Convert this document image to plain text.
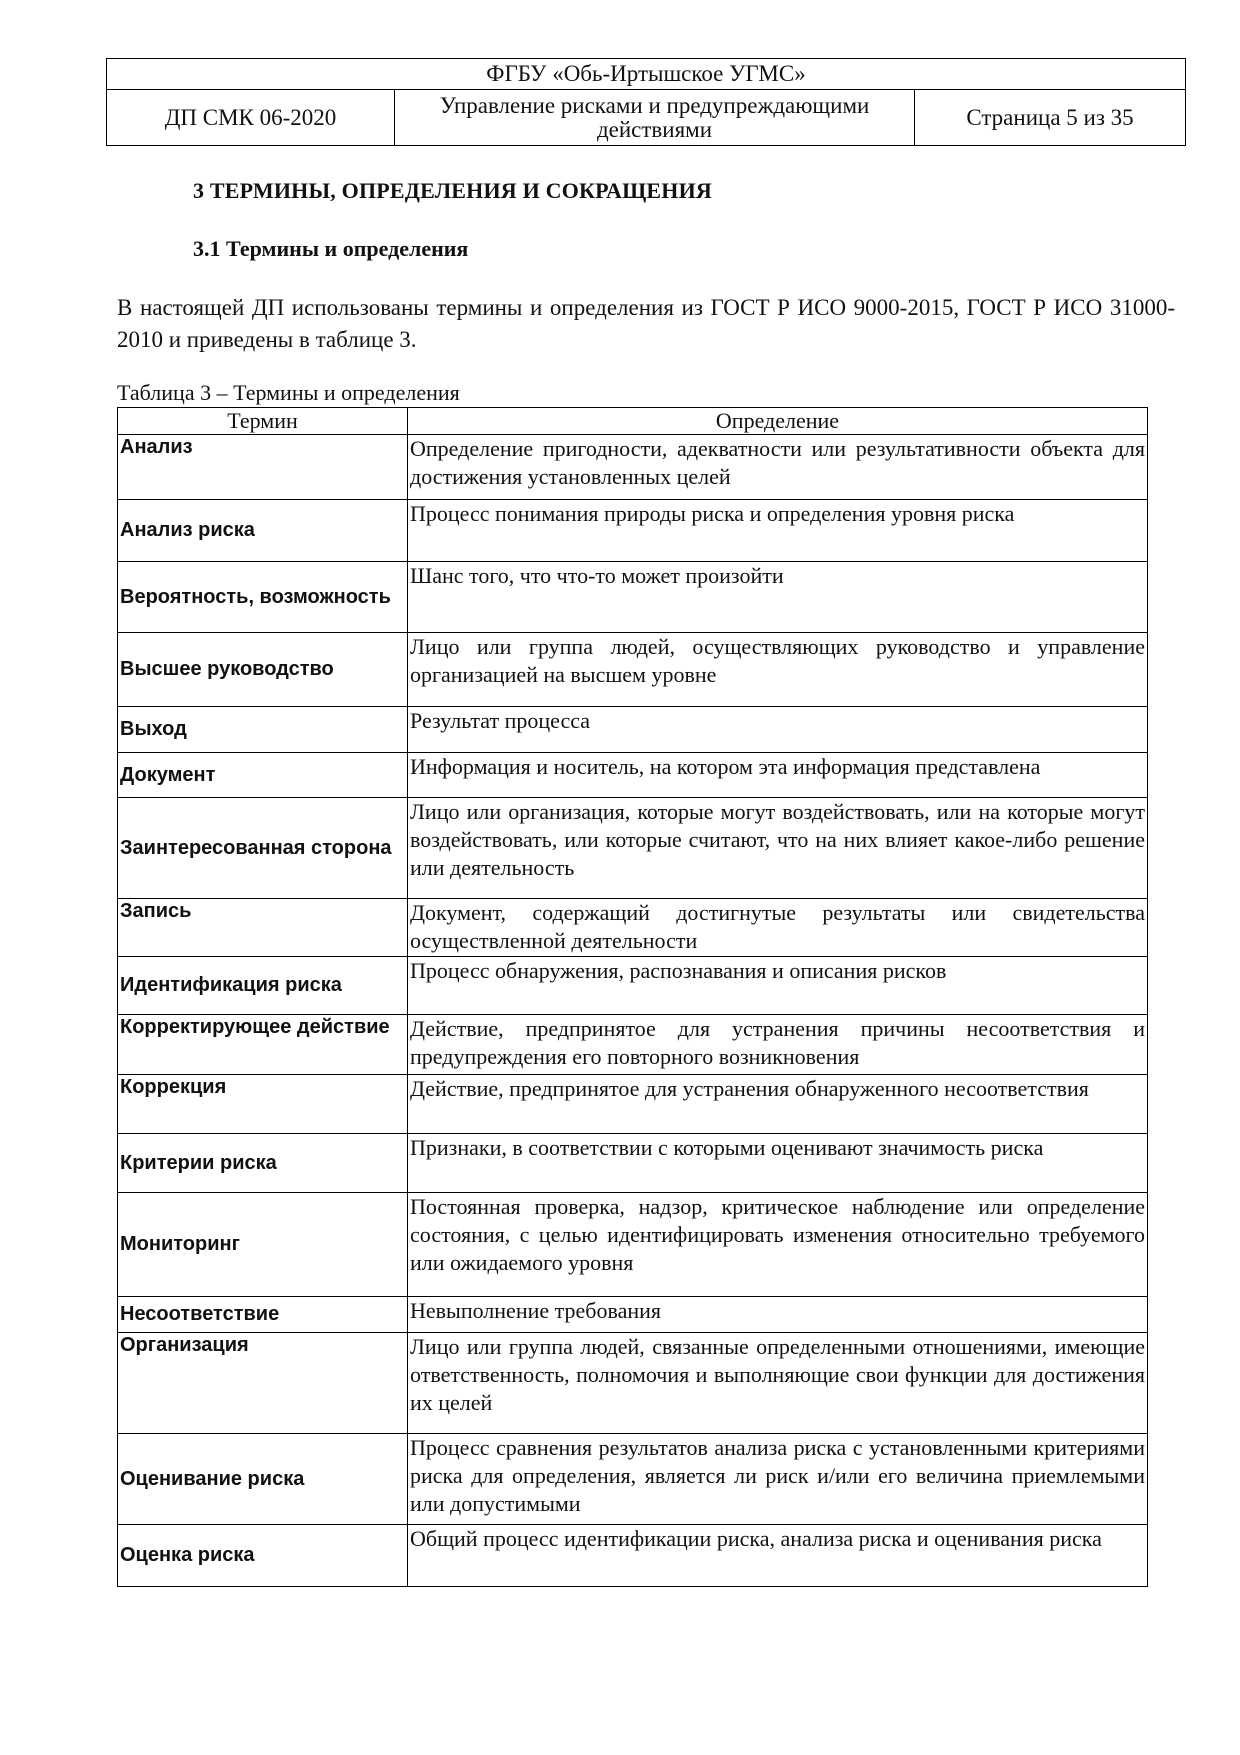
ФГБУ «Обь-Иртышское УГМС»
ДП СМК 06-2020	Управление рисками и предупреждающими действиями	Страница 5 из 35
3 ТЕРМИНЫ, ОПРЕДЕЛЕНИЯ И СОКРАЩЕНИЯ
3.1 Термины и определения
В настоящей ДП использованы термины и определения из ГОСТ Р ИСО 9000-2015, ГОСТ Р ИСО 31000-2010 и приведены в таблице 3.
Таблица 3 – Термины и определения
Термин	Определение
Анализ	Определение пригодности, адекватности или результативности объекта для достижения установленных целей
Анализ риска	Процесс понимания природы риска и определения уровня риска
Вероятность, возможность	Шанс того, что что-то может произойти
Высшее руководство	Лицо или группа людей, осуществляющих руководство и управление организацией на высшем уровне
Выход	Результат процесса
Документ	Информация и носитель, на котором эта информация представлена
Заинтересованная сторона	Лицо или организация, которые могут воздействовать, или на которые могут воздействовать, или которые считают, что на них влияет какое-либо решение или деятельность
Запись	Документ, содержащий достигнутые результаты или свидетельства осуществленной деятельности
Идентификация риска	Процесс обнаружения, распознавания и описания рисков
Корректирующее действие	Действие, предпринятое для устранения причины несоответствия и предупреждения его повторного возникновения
Коррекция	Действие, предпринятое для устранения обнаруженного несоответствия
Критерии риска	Признаки, в соответствии с которыми оценивают значимость риска
Мониторинг	Постоянная проверка, надзор, критическое наблюдение или определение состояния, с целью идентифицировать изменения относительно требуемого или ожидаемого уровня
Несоответствие	Невыполнение требования
Организация	Лицо или группа людей, связанные определенными отношениями, имеющие ответственность, полномочия и выполняющие свои функции для достижения их целей
Оценивание риска	Процесс сравнения результатов анализа риска с установленными критериями риска для определения, является ли риск и/или его величина приемлемыми или допустимыми
Оценка риска	Общий процесс идентификации риска, анализа риска и оценивания риска
